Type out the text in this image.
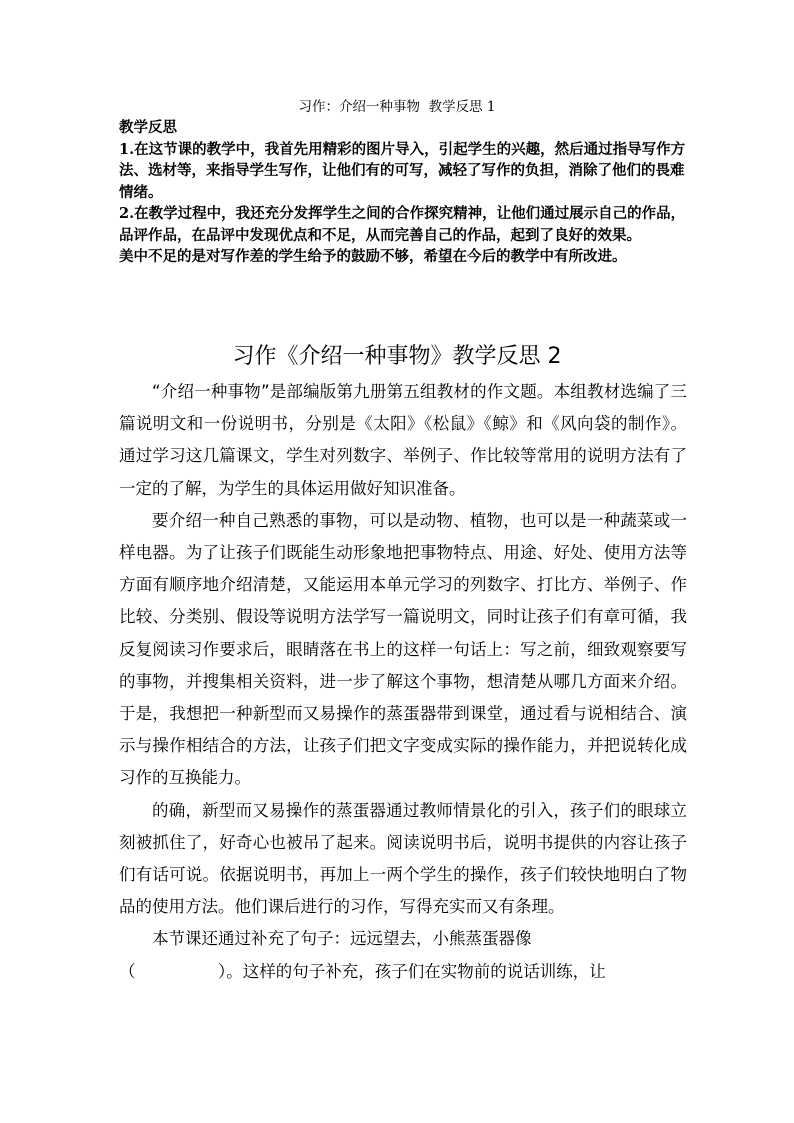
习作：介绍一种事物  教学反思 1

教学反思

1.在这节课的教学中，我首先用精彩的图片导入，引起学生的兴趣，然后通过指导写作方法、选材等，来指导学生写作，让他们有的可写，减轻了写作的负担，消除了他们的畏难情绪。

2.在教学过程中，我还充分发挥学生之间的合作探究精神，让他们通过展示自己的作品，品评作品，在品评中发现优点和不足，从而完善自己的作品，起到了良好的效果。

美中不足的是对写作差的学生给予的鼓励不够，希望在今后的教学中有所改进。

习作《介绍一种事物》教学反思 2

“介绍一种事物”是部编版第九册第五组教材的作文题。本组教材选编了三篇说明文和一份说明书，分别是《太阳》《松鼠》《鲸》和《风向袋的制作》。通过学习这几篇课文，学生对列数字、举例子、作比较等常用的说明方法有了一定的了解，为学生的具体运用做好知识准备。

要介绍一种自己熟悉的事物，可以是动物、植物，也可以是一种蔬菜或一样电器。为了让孩子们既能生动形象地把事物特点、用途、好处、使用方法等方面有顺序地介绍清楚，又能运用本单元学习的列数字、打比方、举例子、作比较、分类别、假设等说明方法学写一篇说明文，同时让孩子们有章可循，我反复阅读习作要求后，眼睛落在书上的这样一句话上：写之前，细致观察要写的事物，并搜集相关资料，进一步了解这个事物，想清楚从哪几方面来介绍。于是，我想把一种新型而又易操作的蒸蛋器带到课堂，通过看与说相结合、演示与操作相结合的方法，让孩子们把文字变成实际的操作能力，并把说转化成习作的互换能力。

的确，新型而又易操作的蒸蛋器通过教师情景化的引入，孩子们的眼球立刻被抓住了，好奇心也被吊了起来。阅读说明书后，说明书提供的内容让孩子们有话可说。依据说明书，再加上一两个学生的操作，孩子们较快地明白了物品的使用方法。他们课后进行的习作，写得充实而又有条理。

本节课还通过补充了句子：远远望去，小熊蒸蛋器像

（　　　　　）。这样的句子补充，孩子们在实物前的说话训练，让
